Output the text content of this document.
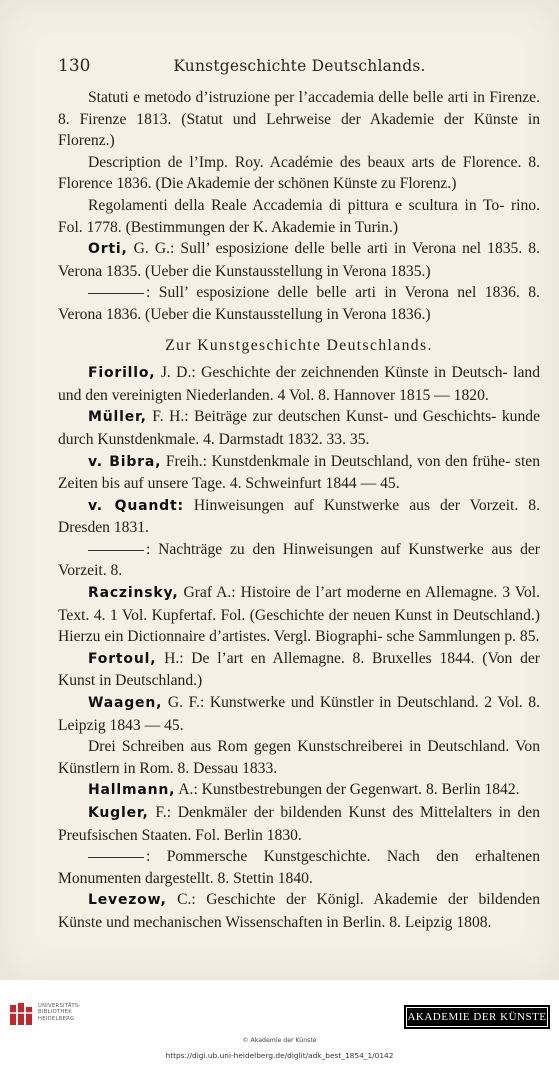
130	Kunstgeschichte Deutschlands.

Statuti e metodo d’istruzione per l’accademia delle belle arti in Firenze. 8. Firenze 1813. (Statut und Lehrweise der Akademie der Künste in Florenz.)

Description de l’Imp. Roy. Académie des beaux arts de Florence. 8. Florence 1836. (Die Akademie der schönen Künste zu Florenz.)

Regolamenti della Reale Accademia di pittura e scultura in To- rino. Fol. 1778. (Bestimmungen der K. Akademie in Turin.)

Orti, G. G.: Sull’ esposizione delle belle arti in Verona nel 1835. 8. Verona 1835. (Ueber die Kunstausstellung in Verona 1835.)

: Sull’ esposizione delle belle arti in Verona nel 1836. 8. Verona 1836. (Ueber die Kunstausstellung in Verona 1836.)

Zur Kunstgeschichte Deutschlands.

Fiorillo, J. D.: Geschichte der zeichnenden Künste in Deutsch- land und den vereinigten Niederlanden. 4 Vol. 8. Hannover 1815 — 1820.

Müller, F. H.: Beiträge zur deutschen Kunst- und Geschichts- kunde durch Kunstdenkmale. 4. Darmstadt 1832. 33. 35.

v. Bibra, Freih.: Kunstdenkmale in Deutschland, von den frühe- sten Zeiten bis auf unsere Tage. 4. Schweinfurt 1844 — 45.

v. Quandt: Hinweisungen auf Kunstwerke aus der Vorzeit. 8. Dresden 1831.

: Nachträge zu den Hinweisungen auf Kunstwerke aus der Vorzeit. 8.

Raczinsky, Graf A.: Histoire de l’art moderne en Allemagne. 3 Vol. Text. 4. 1 Vol. Kupfertaf. Fol. (Geschichte der neuen Kunst in Deutschland.) Hierzu ein Dictionnaire d’artistes. Vergl. Biographi- sche Sammlungen p. 85.

Fortoul, H.: De l’art en Allemagne. 8. Bruxelles 1844. (Von der Kunst in Deutschland.)

Waagen, G. F.: Kunstwerke und Künstler in Deutschland. 2 Vol. 8. Leipzig 1843 — 45.

Drei Schreiben aus Rom gegen Kunstschreiberei in Deutschland. Von Künstlern in Rom. 8. Dessau 1833.

Hallmann, A.: Kunstbestrebungen der Gegenwart. 8. Berlin 1842.

Kugler, F.: Denkmäler der bildenden Kunst des Mittelalters in den Preufsischen Staaten. Fol. Berlin 1830.

: Pommersche Kunstgeschichte. Nach den erhaltenen Monumenten dargestellt. 8. Stettin 1840.

Levezow, C.: Geschichte der Königl. Akademie der bildenden Künste und mechanischen Wissenschaften in Berlin. 8. Leipzig 1808.

UNIVERSITÄTS-
BIBLIOTHEK
HEIDELBERG	AKADEMIE DER KÜNSTE
© Akademie der Künste
https://digi.ub.uni-heidelberg.de/diglit/adk_best_1854_1/0142
